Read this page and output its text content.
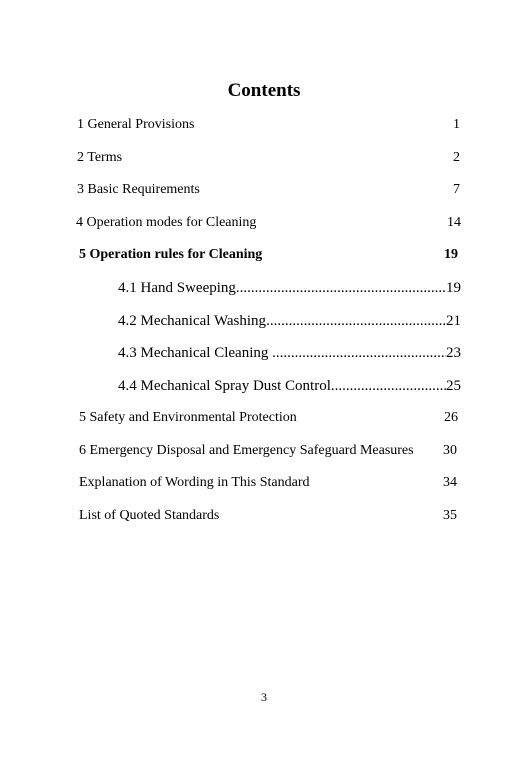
Contents
1 General Provisions	1
2 Terms	2
3 Basic Requirements	7
4 Operation modes for Cleaning	14
5 Operation rules for Cleaning	19
4.1 Hand Sweeping .....	19
4.2 Mechanical Washing .....	21
4.3 Mechanical Cleaning .....	23
4.4 Mechanical Spray Dust Control .....	25
5 Safety and Environmental Protection	26
6 Emergency Disposal and Emergency Safeguard Measures 30
Explanation of Wording in This Standard	34
List of Quoted Standards	35
3
